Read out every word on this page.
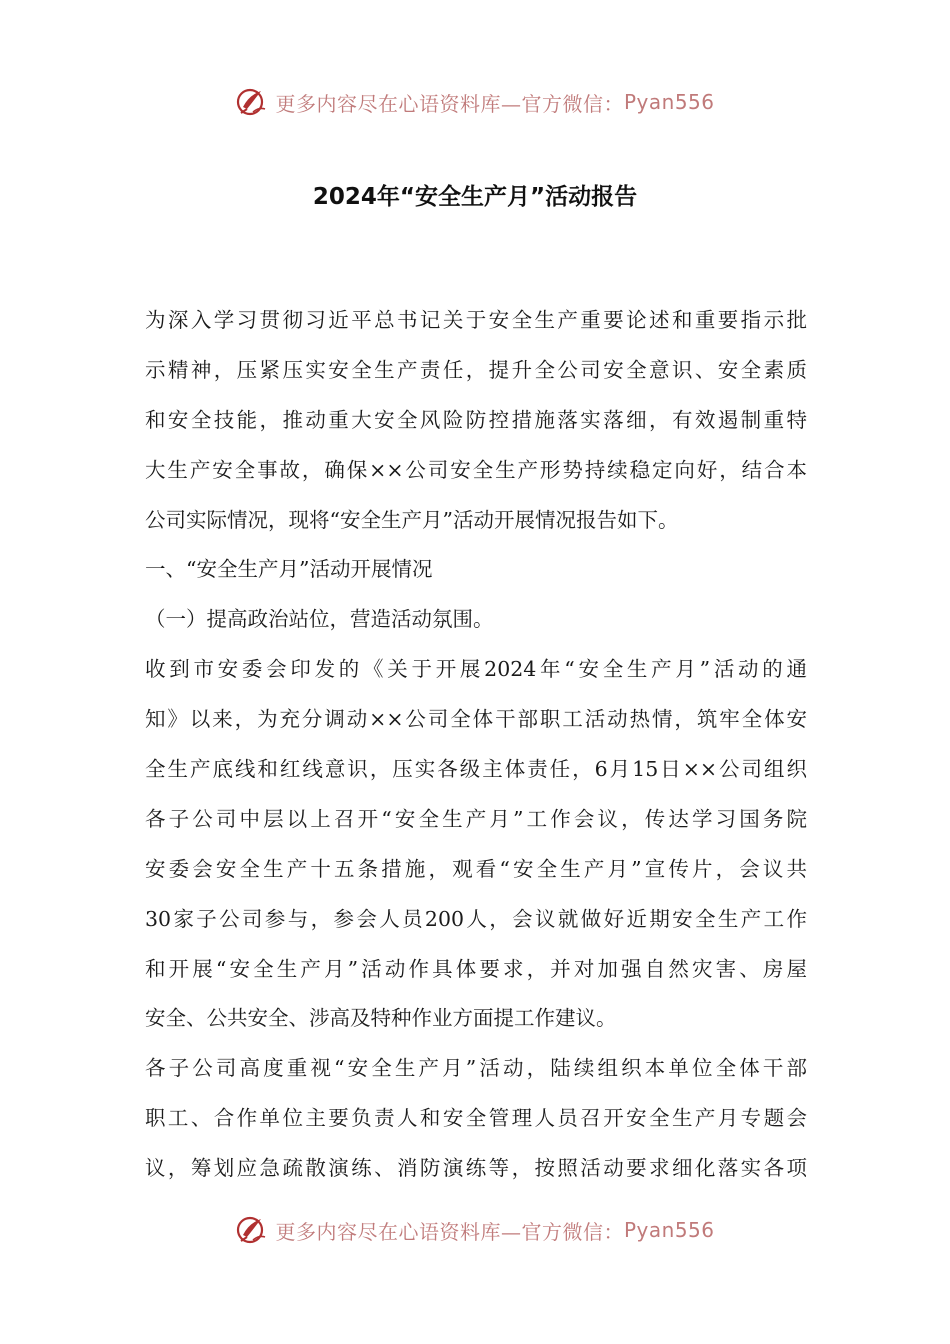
更多内容尽在心语资料库—官方微信： Pyan556
2024年“安全生产月”活动报告
为深入学习贯彻习近平总书记关于安全生产重要论述和重要指示批
示精神，压紧压实安全生产责任，提升全公司安全意识、安全素质
和安全技能，推动重大安全风险防控措施落实落细，有效遏制重特
大生产安全事故，确保××公司安全生产形势持续稳定向好，结合本
公司实际情况，现将“安全生产月”活动开展情况报告如下。
一、“安全生产月”活动开展情况
（一）提高政治站位，营造活动氛围。
收到市安委会印发的《关于开展2024年“安全生产月”活动的通
知》以来，为充分调动××公司全体干部职工活动热情，筑牢全体安
全生产底线和红线意识，压实各级主体责任，6月15日××公司组织
各子公司中层以上召开“安全生产月”工作会议，传达学习国务院
安委会安全生产十五条措施，观看“安全生产月”宣传片，会议共
30家子公司参与，参会人员200人，会议就做好近期安全生产工作
和开展“安全生产月”活动作具体要求，并对加强自然灾害、房屋
安全、公共安全、涉高及特种作业方面提工作建议。
各子公司高度重视“安全生产月”活动，陆续组织本单位全体干部
职工、合作单位主要负责人和安全管理人员召开安全生产月专题会
议，筹划应急疏散演练、消防演练等，按照活动要求细化落实各项
更多内容尽在心语资料库—官方微信： Pyan556
